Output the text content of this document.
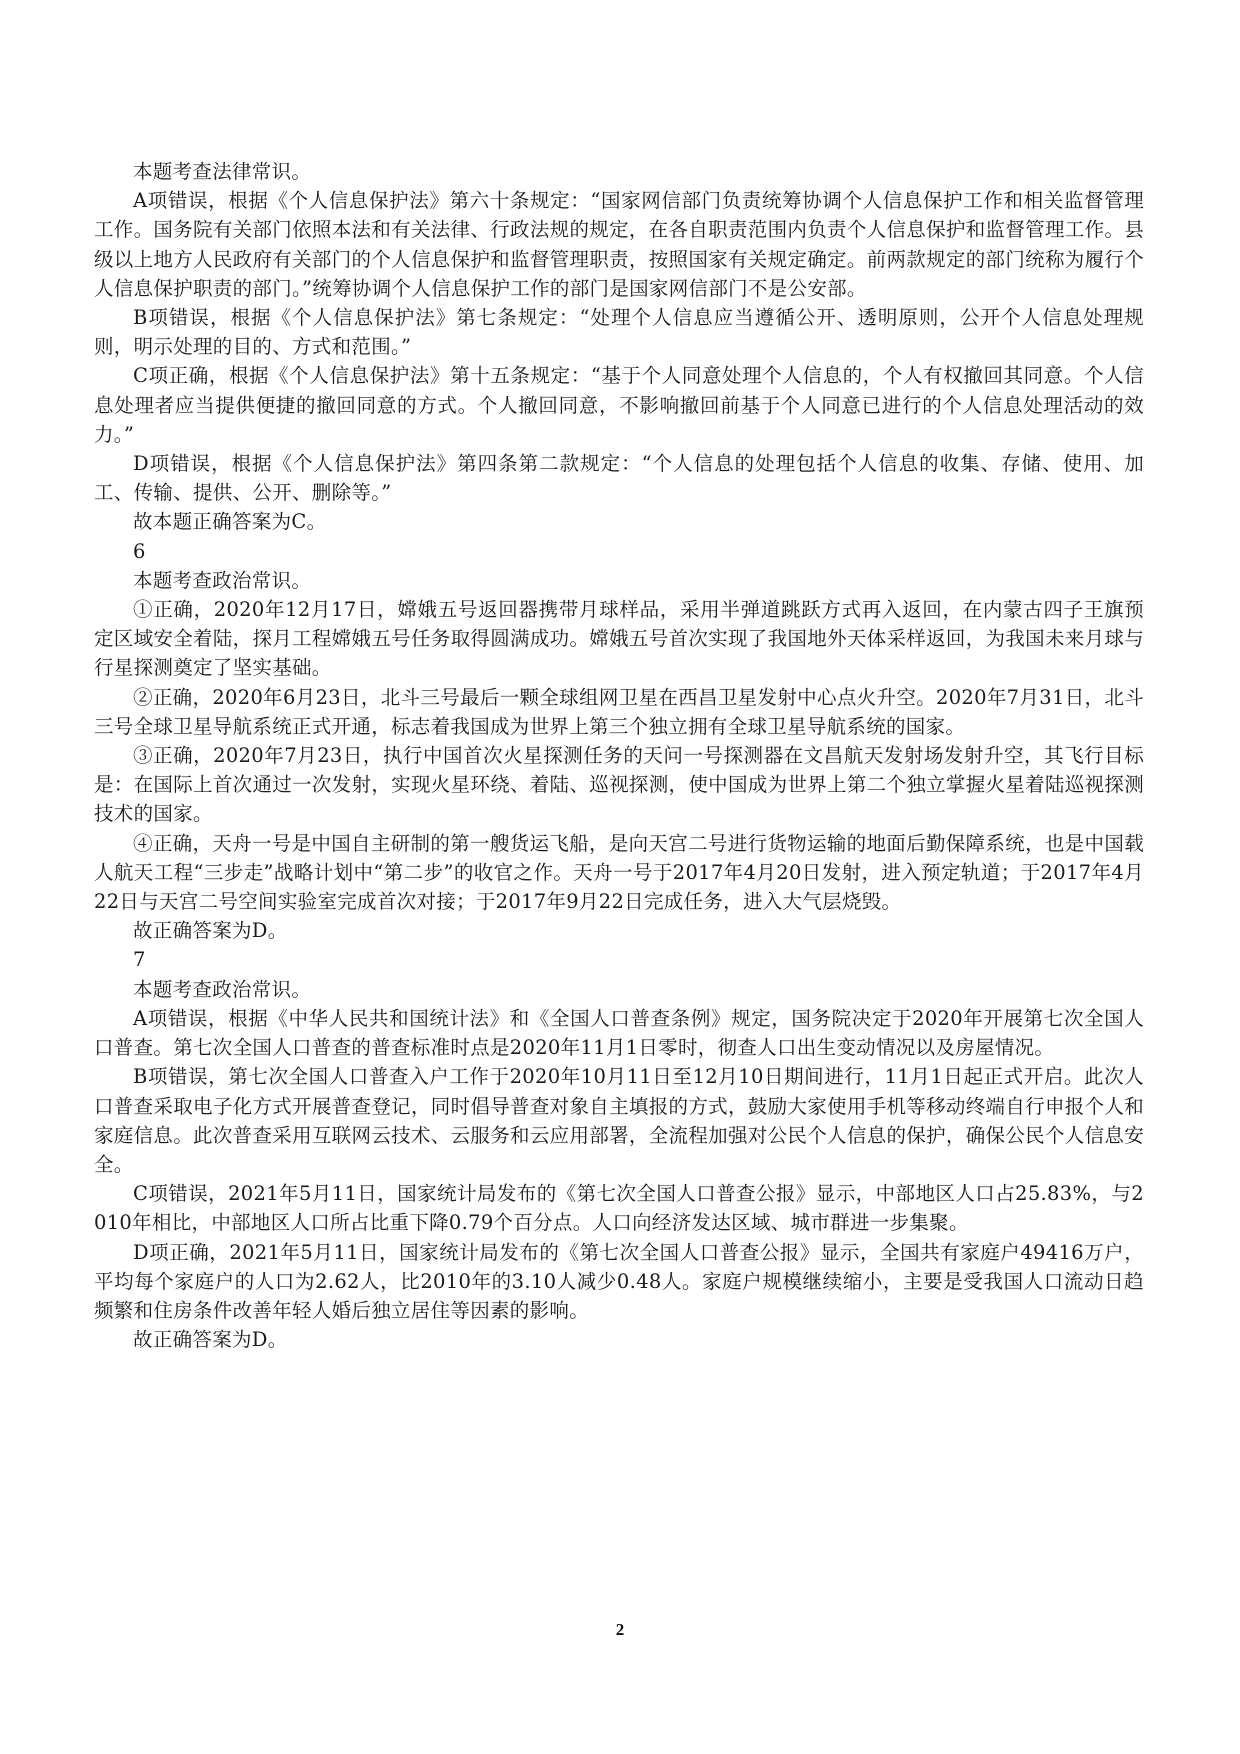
本题考查法律常识。

A项错误，根据《个人信息保护法》第六十条规定：“国家网信部门负责统筹协调个人信息保护工作和相关监督管理工作。国务院有关部门依照本法和有关法律、行政法规的规定，在各自职责范围内负责个人信息保护和监督管理工作。县级以上地方人民政府有关部门的个人信息保护和监督管理职责，按照国家有关规定确定。前两款规定的部门统称为履行个人信息保护职责的部门。”统筹协调个人信息保护工作的部门是国家网信部门不是公安部。

B项错误，根据《个人信息保护法》第七条规定：“处理个人信息应当遵循公开、透明原则，公开个人信息处理规则，明示处理的目的、方式和范围。”

C项正确，根据《个人信息保护法》第十五条规定：“基于个人同意处理个人信息的，个人有权撤回其同意。个人信息处理者应当提供便捷的撤回同意的方式。个人撤回同意，不影响撤回前基于个人同意已进行的个人信息处理活动的效力。”

D项错误，根据《个人信息保护法》第四条第二款规定：“个人信息的处理包括个人信息的收集、存储、使用、加工、传输、提供、公开、删除等。”

故本题正确答案为C。

6

本题考查政治常识。

①正确，2020年12月17日，嫦娥五号返回器携带月球样品，采用半弹道跳跃方式再入返回，在内蒙古四子王旗预定区域安全着陆，探月工程嫦娥五号任务取得圆满成功。嫦娥五号首次实现了我国地外天体采样返回，为我国未来月球与行星探测奠定了坚实基础。

②正确，2020年6月23日，北斗三号最后一颗全球组网卫星在西昌卫星发射中心点火升空。2020年7月31日，北斗三号全球卫星导航系统正式开通，标志着我国成为世界上第三个独立拥有全球卫星导航系统的国家。

③正确，2020年7月23日，执行中国首次火星探测任务的天问一号探测器在文昌航天发射场发射升空，其飞行目标是：在国际上首次通过一次发射，实现火星环绕、着陆、巡视探测，使中国成为世界上第二个独立掌握火星着陆巡视探测技术的国家。

④正确，天舟一号是中国自主研制的第一艘货运飞船，是向天宫二号进行货物运输的地面后勤保障系统，也是中国载人航天工程“三步走”战略计划中“第二步”的收官之作。天舟一号于2017年4月20日发射，进入预定轨道；于2017年4月22日与天宫二号空间实验室完成首次对接；于2017年9月22日完成任务，进入大气层烧毁。

故正确答案为D。

7

本题考查政治常识。

A项错误，根据《中华人民共和国统计法》和《全国人口普查条例》规定，国务院决定于2020年开展第七次全国人口普查。第七次全国人口普查的普查标准时点是2020年11月1日零时，彻查人口出生变动情况以及房屋情况。

B项错误，第七次全国人口普查入户工作于2020年10月11日至12月10日期间进行，11月1日起正式开启。此次人口普查采取电子化方式开展普查登记，同时倡导普查对象自主填报的方式，鼓励大家使用手机等移动终端自行申报个人和家庭信息。此次普查采用互联网云技术、云服务和云应用部署，全流程加强对公民个人信息的保护，确保公民个人信息安全。

C项错误，2021年5月11日，国家统计局发布的《第七次全国人口普查公报》显示，中部地区人口占25.83%，与2010年相比，中部地区人口所占比重下降0.79个百分点。人口向经济发达区域、城市群进一步集聚。

D项正确，2021年5月11日，国家统计局发布的《第七次全国人口普查公报》显示，全国共有家庭户49416万户，平均每个家庭户的人口为2.62人，比2010年的3.10人减少0.48人。家庭户规模继续缩小，主要是受我国人口流动日趋频繁和住房条件改善年轻人婚后独立居住等因素的影响。

故正确答案为D。

2
